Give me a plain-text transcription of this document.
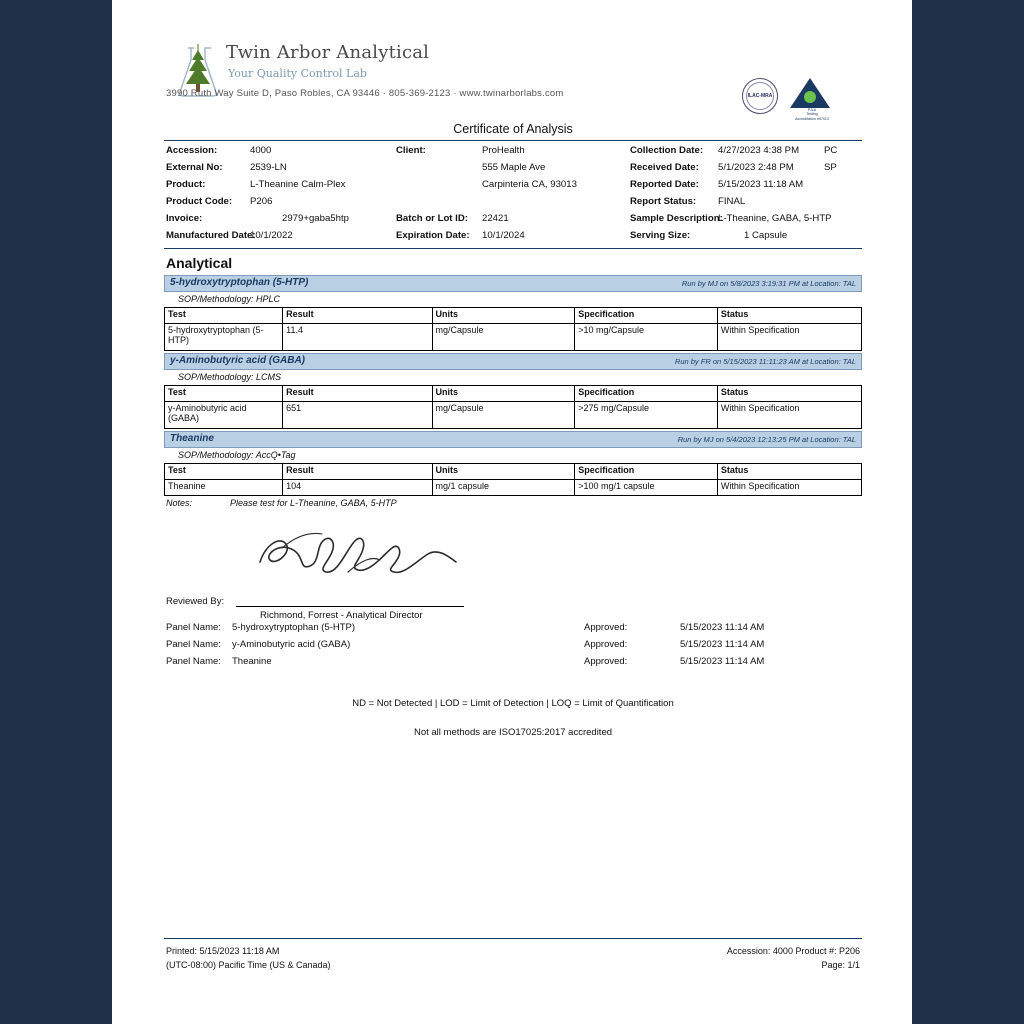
Twin Arbor Analytical
Your Quality Control Lab
3990 Ruth Way Suite D, Paso Robles, CA 93446 · 805-369-2123 · www.twinarborlabs.com	ILAC-MRA
PJLA
Testing
Accreditation #97913
Certificate of Analysis
Accession:	4000
External No:	2539-LN
Product:	L-Theanine Calm-Plex
Product Code: P206
Invoice:	2979+gaba5htp
Manufactured Date:
10/1/2022
Client:	ProHealth
555 Maple Ave
Carpinteria CA, 93013
Batch or Lot ID: 22421
Expiration Date: 10/1/2024
Collection Date: 4/27/2023 4:38 PM	PC
Received Date: 5/1/2023 2:48 PM	SP
Reported Date: 5/15/2023 11:18 AM
Report Status: FINAL
Sample Description:
L-Theanine, GABA, 5-HTP
Serving Size:	1 Capsule
Analytical
5-hydroxytryptophan (5-HTP)	Run by MJ on 5/8/2023 3:19:31 PM at Location: TAL
SOP/Methodology: HPLC
Test	Result	Units	Specification	Status
5-hydroxytryptophan (5-HTP)	11.4	mg/Capsule	>10 mg/Capsule	Within Specification
y-Aminobutyric acid (GABA)	Run by FR on 5/15/2023 11:11:23 AM at Location: TAL
SOP/Methodology: LCMS
Test	Result	Units	Specification	Status
y-Aminobutyric acid (GABA)	651	mg/Capsule	>275 mg/Capsule	Within Specification
Theanine	Run by MJ on 5/4/2023 12:13:25 PM at Location: TAL
SOP/Methodology: AccQ•Tag
Test	Result	Units	Specification	Status
Theanine	104	mg/1 capsule	>100 mg/1 capsule	Within Specification
Notes:	Please test for L-Theanine, GABA, 5-HTP
Reviewed By:
Richmond, Forrest - Analytical Director
Panel Name: 5-hydroxytryptophan (5-HTP)	Approved:	5/15/2023 11:14 AM
Panel Name: y-Aminobutyric acid (GABA)	Approved:	5/15/2023 11:14 AM
Panel Name: Theanine	Approved:	5/15/2023 11:14 AM
ND = Not Detected | LOD = Limit of Detection | LOQ = Limit of Quantification
Not all methods are ISO17025:2017 accredited
Printed: 5/15/2023 11:18 AM
(UTC-08:00) Pacific Time (US & Canada)
Accession: 4000 Product #: P206
Page: 1/1
